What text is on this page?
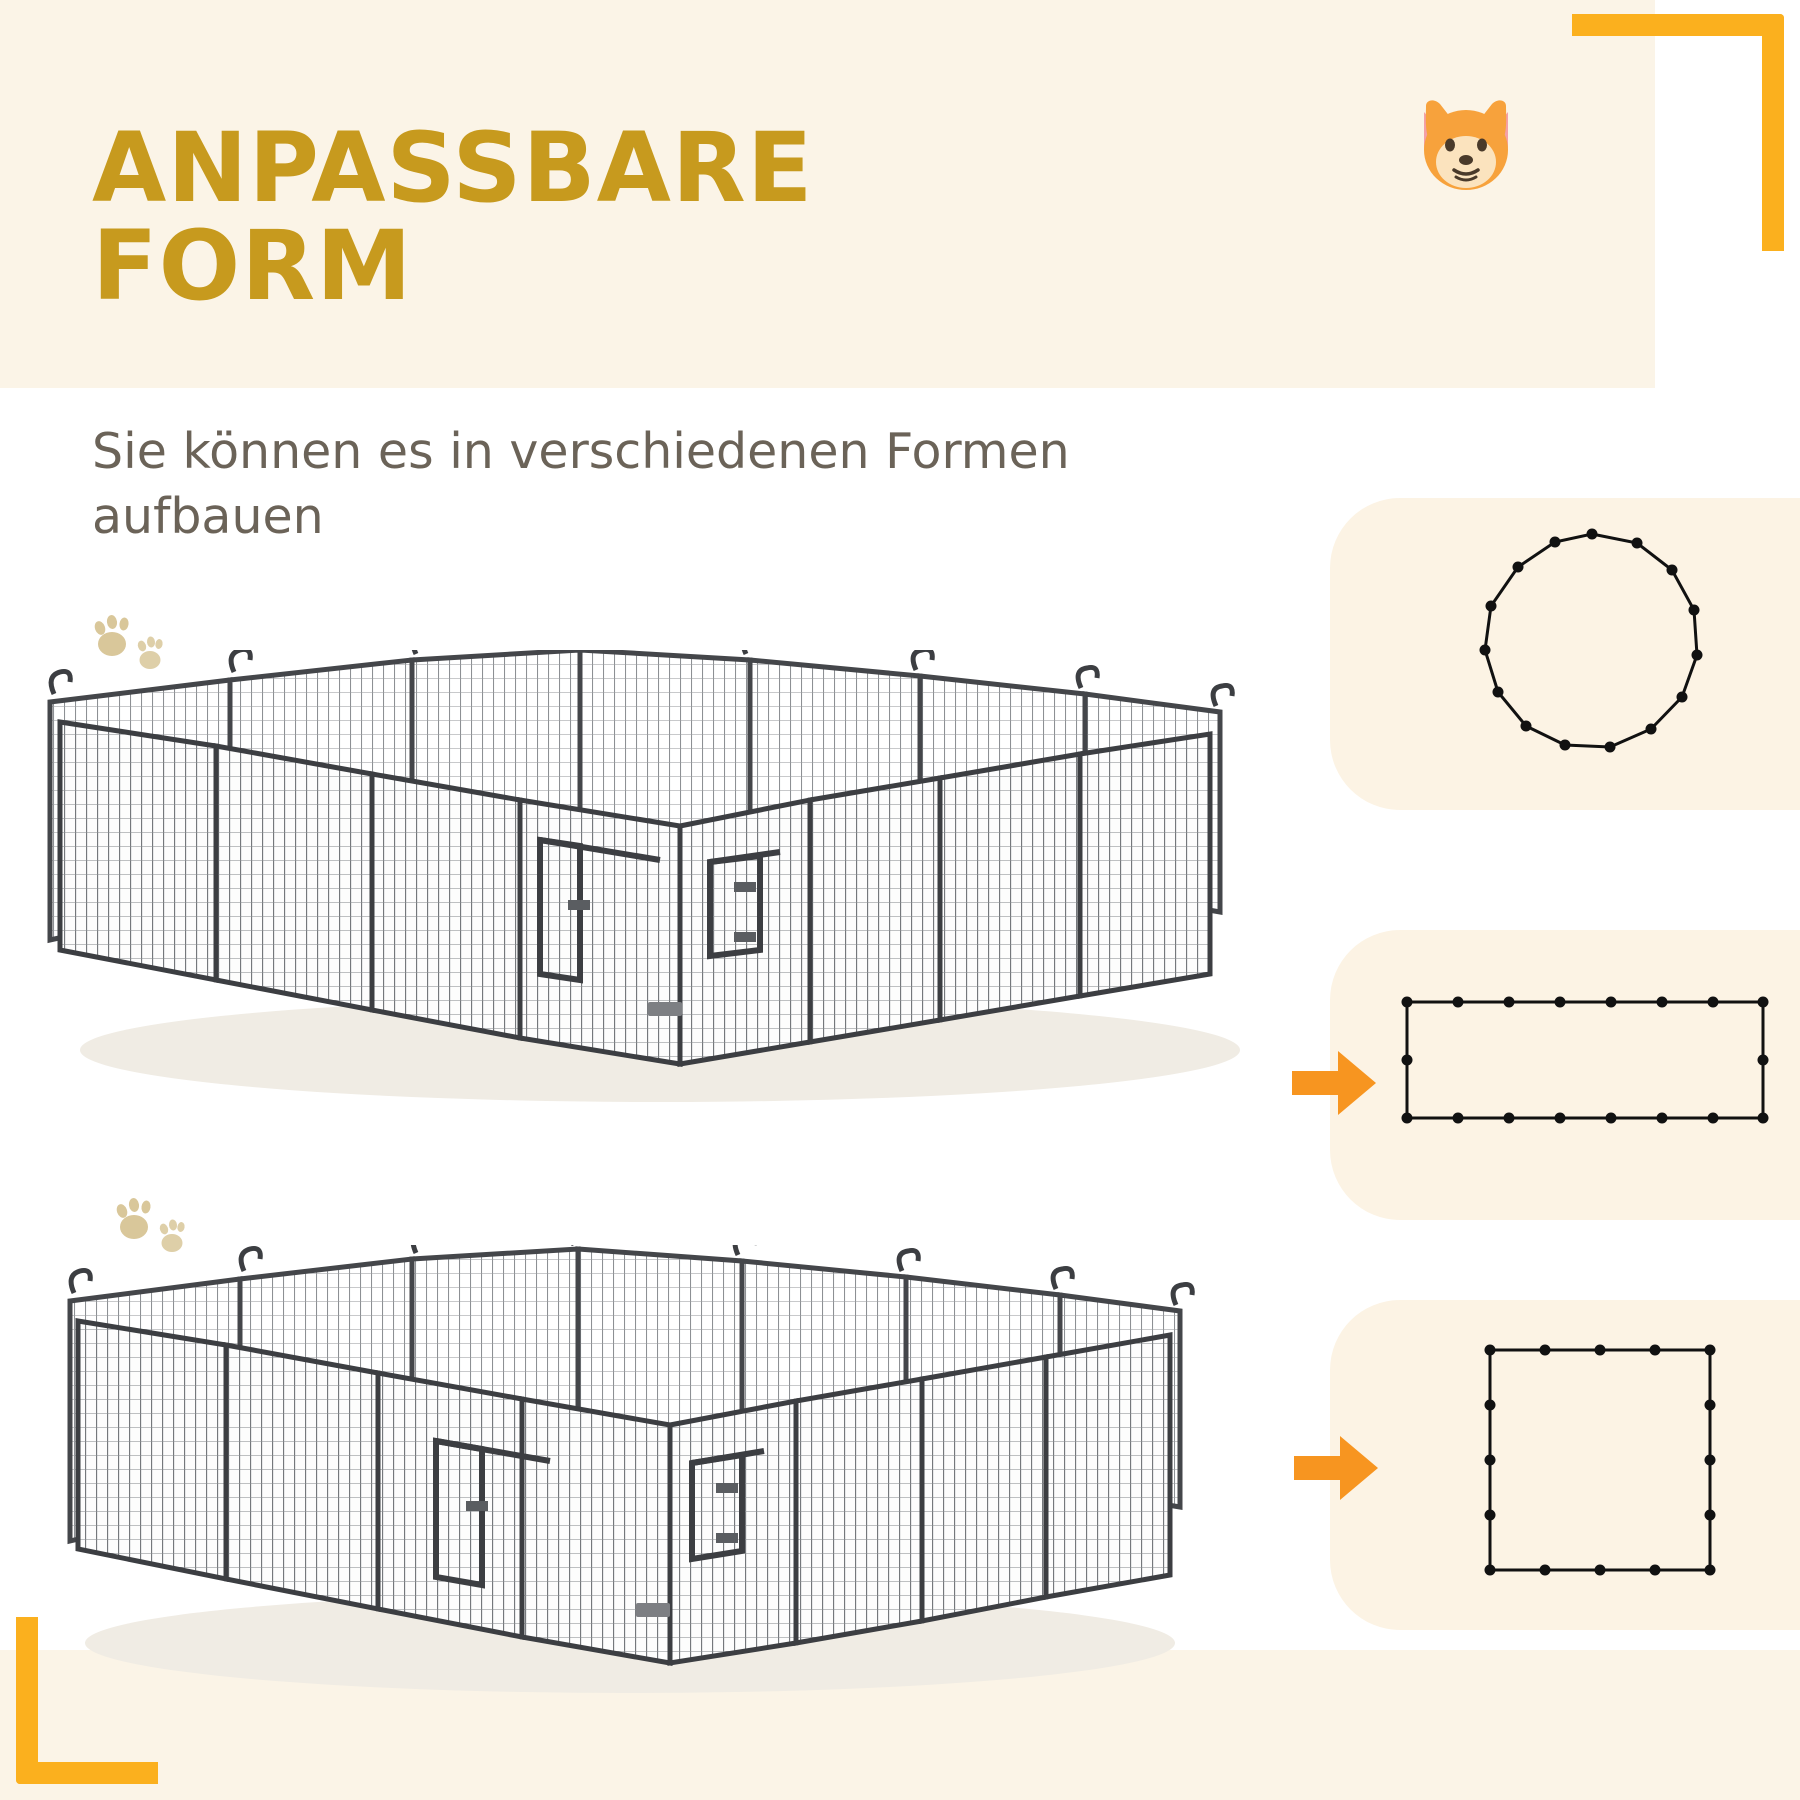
ANPASSBARE FORM
Sie können es in verschiedenen Formen aufbauen
